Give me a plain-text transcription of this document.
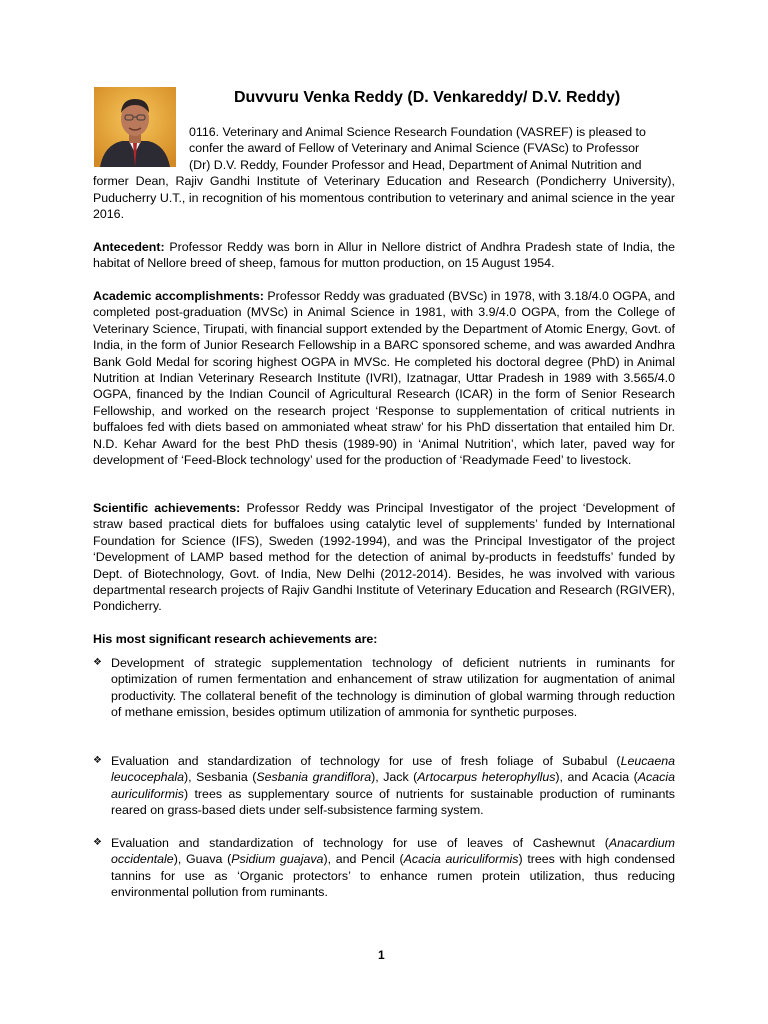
Duvvuru Venka Reddy (D. Venkareddy/ D.V. Reddy)

0116. Veterinary and Animal Science Research Foundation (VASREF) is pleased to
confer the award of Fellow of Veterinary and Animal Science (FVASc) to Professor
(Dr) D.V. Reddy, Founder Professor and Head, Department of Animal Nutrition and
former Dean, Rajiv Gandhi Institute of Veterinary Education and Research (Pondicherry University), Puducherry U.T., in recognition of his momentous contribution to veterinary and animal science in the year 2016.

Antecedent: Professor Reddy was born in Allur in Nellore district of Andhra Pradesh state of India, the habitat of Nellore breed of sheep, famous for mutton production, on 15 August 1954.

Academic accomplishments: Professor Reddy was graduated (BVSc) in 1978, with 3.18/4.0 OGPA, and completed post-graduation (MVSc) in Animal Science in 1981, with 3.9/4.0 OGPA, from the College of Veterinary Science, Tirupati, with financial support extended by the Department of Atomic Energy, Govt. of India, in the form of Junior Research Fellowship in a BARC sponsored scheme, and was awarded Andhra Bank Gold Medal for scoring highest OGPA in MVSc. He completed his doctoral degree (PhD) in Animal Nutrition at Indian Veterinary Research Institute (IVRI), Izatnagar, Uttar Pradesh in 1989 with 3.565/4.0 OGPA, financed by the Indian Council of Agricultural Research (ICAR) in the form of Senior Research Fellowship, and worked on the research project ‘Response to supplementation of critical nutrients in buffaloes fed with diets based on ammoniated wheat straw’ for his PhD dissertation that entailed him Dr. N.D. Kehar Award for the best PhD thesis (1989-90) in ‘Animal Nutrition’, which later, paved way for development of ‘Feed-Block technology’ used for the production of ‘Readymade Feed’ to livestock.

Scientific achievements: Professor Reddy was Principal Investigator of the project ‘Development of straw based practical diets for buffaloes using catalytic level of supplements’ funded by International Foundation for Science (IFS), Sweden (1992-1994), and was the Principal Investigator of the project ‘Development of LAMP based method for the detection of animal by-products in feedstuffs’ funded by Dept. of Biotechnology, Govt. of India, New Delhi (2012-2014). Besides, he was involved with various departmental research projects of Rajiv Gandhi Institute of Veterinary Education and Research (RGIVER), Pondicherry.

His most significant research achievements are:

❖ Development of strategic supplementation technology of deficient nutrients in ruminants for optimization of rumen fermentation and enhancement of straw utilization for augmentation of animal productivity. The collateral benefit of the technology is diminution of global warming through reduction of methane emission, besides optimum utilization of ammonia for synthetic purposes.
❖ Evaluation and standardization of technology for use of fresh foliage of Subabul (Leucaena leucocephala), Sesbania (Sesbania grandiflora), Jack (Artocarpus heterophyllus), and Acacia (Acacia auriculiformis) trees as supplementary source of nutrients for sustainable production of ruminants reared on grass-based diets under self-subsistence farming system.
❖ Evaluation and standardization of technology for use of leaves of Cashewnut (Anacardium occidentale), Guava (Psidium guajava), and Pencil (Acacia auriculiformis) trees with high condensed tannins for use as ‘Organic protectors’ to enhance rumen protein utilization, thus reducing environmental pollution from ruminants.
1
